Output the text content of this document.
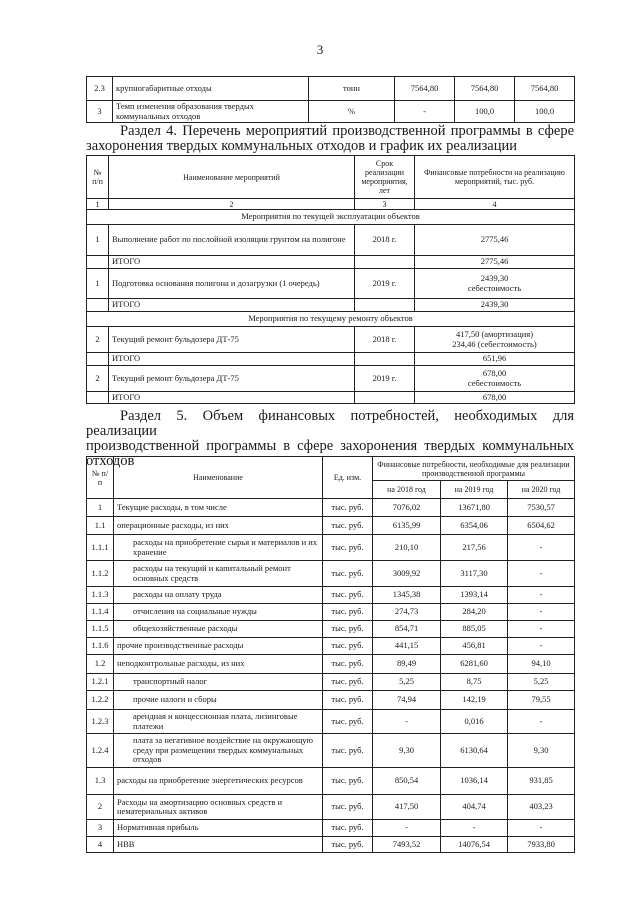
3
2.3	крупногабаритные отходы	тонн	7564,80	7564,80	7564,80
3	Темп изменения образования твердых коммунальных отходов	%	-	100,0	100,0
Раздел 4. Перечень мероприятий производственной программы в сфере
захоронения твердых коммунальных отходов и график их реализации
№ п/п	Наименование мероприятий	Срок реализации мероприятия, лет	Финансовые потребности на реализацию мероприятий, тыс. руб.
1	2	3	4
Мероприятия по текущей эксплуатации объектов			
1	Выполнение работ по послойной изоляции грунтом на полигоне	2018 г.	2775,46
	ИТОГО		2775,46
1	Подготовка основания полигона и дозагрузки (1 очередь)	2019 г.	2439,30
себестоимость

	ИТОГО		2439,30
Мероприятия по текущему ремонту объектов			
2	Текущий ремонт бульдозера ДТ-75	2018 г.	417,50 (амортизация)
234,46 (себестоимость)

	ИТОГО		651,96
2	Текущий ремонт бульдозера ДТ-75	2019 г.	678,00
себестоимость

	ИТОГО		678,00
Раздел 5. Объем финансовых потребностей, необходимых для реализации
производственной программы в сфере захоронения твердых коммунальных
отходов
№ п/п	Наименование	Ед. изм.	Финансовые потребности, необходимые для реализации производственной программы		
			на 2018 год	на 2019 год	на 2020 год
1	Текущие расходы, в том числе	тыс. руб.	7076,02	13671,80	7530,57
1.1	операционные расходы, из них	тыс. руб.	6135,99	6354,06	6504,62
1.1.1	расходы на приобретение сырья и материалов и их хранение	тыс. руб.	210,10	217,56	-
1.1.2	расходы на текущий и капитальный ремонт основных средств	тыс. руб.	3009,92	3117,30	-
1.1.3	расходы на оплату труда	тыс. руб.	1345,38	1393,14	-
1.1.4	отчисления на социальные нужды	тыс. руб.	274,73	284,20	-
1.1.5	общехозяйственные расходы	тыс. руб.	854,71	885,05	-
1.1.6	прочие производственные расходы	тыс. руб.	441,15	456,81	-
1.2	неподконтрольные расходы, из них	тыс. руб.	89,49	6281,60	94,10
1.2.1	транспортный налог	тыс. руб.	5,25	8,75	5,25
1.2.2	прочие налоги и сборы	тыс. руб.	74,94	142,19	79,55
1.2.3	арендная и концессионная плата, лизинговые платежи	тыс. руб.	-	0,016	-
1.2.4	плата за негативное воздействие на окружающую среду при размещении твердых коммунальных отходов	тыс. руб.	9,30	6130,64	9,30
1.3	расходы на приобретение энергетических ресурсов	тыс. руб.	850,54	1036,14	931,85
2	Расходы на амортизацию основных средств и нематериальных активов	тыс. руб.	417,50	404,74	403,23
3	Нормативная прибыль	тыс. руб.	-	-	-
4	НВВ	тыс. руб.	7493,52	14076,54	7933,80
